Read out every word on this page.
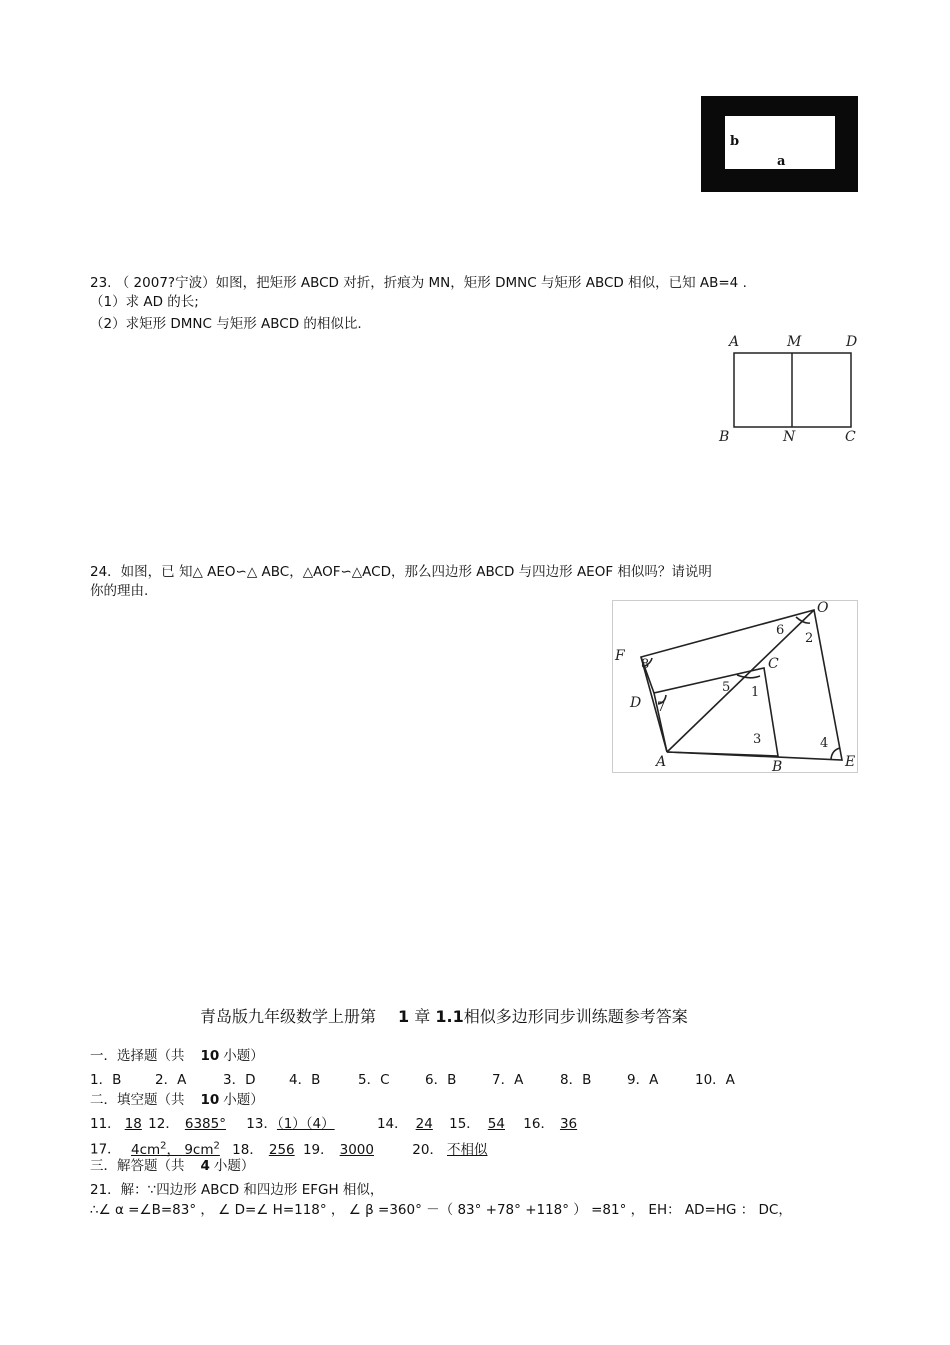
b
a
23. （ 2007?宁波）如图，把矩形 ABCD 对折，折痕为 MN，矩形 DMNC 与矩形 ABCD 相似，已知 AB=4 .
（1）求 AD 的长;
（2）求矩形 DMNC 与矩形 ABCD 的相似比.
A	M	D
B	N	C
24．如图，已 知△ AEO∽△ ABC，△AOF∽△ACD，那么四边形 ABCD 与四边形 AEOF 相似吗？请说明
你的理由.
O
F	C
D
A	B	E
1
2
3	4
5
6
7
8
青岛版九年级数学上册第 1 章 1.1相似多边形同步训练题参考答案
一．选择题（共 10 小题）
1．B 2．A	3．D 4．B	5．C	6．B	7．A	8．B	9．A	10．A
二．填空题（共 10 小题）
11． 18 12． 6385° 13．（1）（4）	14． 24 15． 54 16． 36
17． $4cm^2$， $9cm^2$ 18． 256 19． 3000	20． 不相似
三．解答题（共 4 小题）
21．解：∵四边形 ABCD 和四边形 EFGH 相似，
∴∠ α =∠B=83° ， ∠ D=∠ H=118° ， ∠ β =360° －（ 83° +78° +118° ） =81° ， EH： AD=HG ： DC，
